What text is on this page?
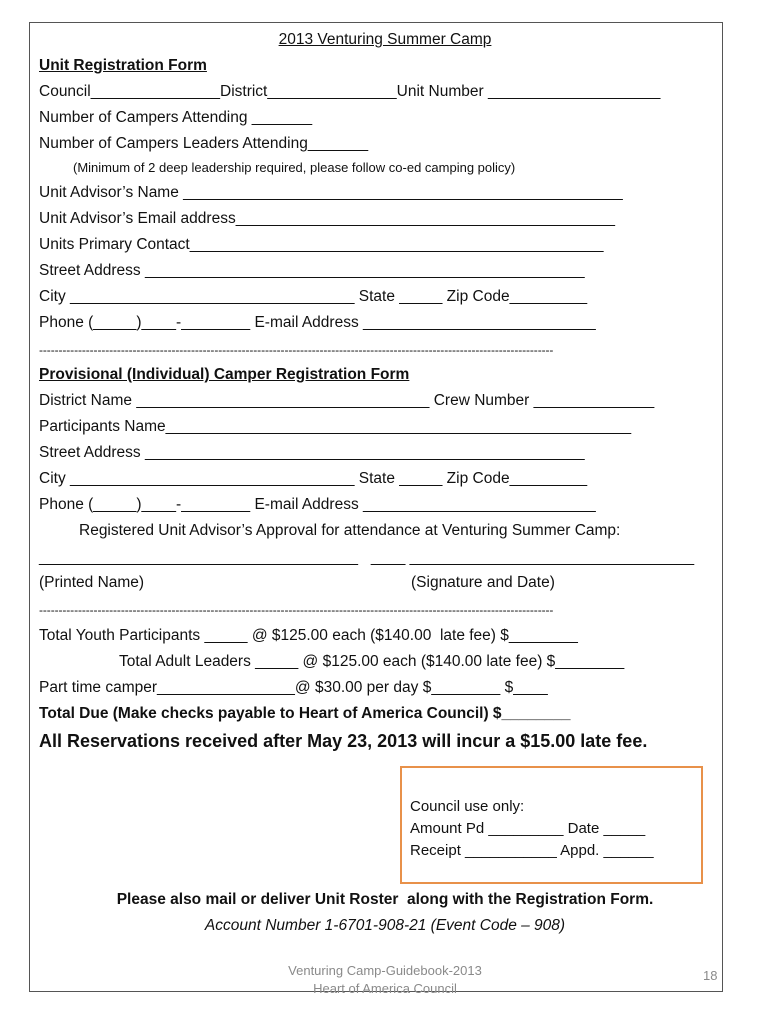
2013 Venturing Summer Camp
Unit Registration Form
Council_______________District_______________Unit Number ____________________
Number of Campers Attending _______
Number of Campers Leaders Attending_______
(Minimum of 2 deep leadership required, please follow co-ed camping policy)
Unit Advisor’s Name ___________________________________________________
Unit Advisor’s Email address____________________________________________
Units Primary Contact________________________________________________
Street Address ___________________________________________________
City _________________________________ State _____ Zip Code_________
Phone (_____)____-________ E-mail Address ___________________________
------------------------------------------------------------------------------------------------------------------------------------
Provisional (Individual) Camper Registration Form
District Name __________________________________ Crew Number ______________
Participants Name______________________________________________________
Street Address ___________________________________________________
City _________________________________ State _____ Zip Code_________
Phone (_____)____-________ E-mail Address ___________________________
Registered Unit Advisor’s Approval for attendance at Venturing Summer Camp:
_____________________________________   ____ _________________________________
(Printed Name)	(Signature and Date)
------------------------------------------------------------------------------------------------------------------------------------
Total Youth Participants _____ @ $125.00 each ($140.00  late fee) $________
Total Adult Leaders _____ @ $125.00 each ($140.00 late fee) $________
Part time camper________________@ $30.00 per day $________ $____
Total Due (Make checks payable to Heart of America Council) $________
All Reservations received after May 23, 2013 will incur a $15.00 late fee.
Council use only:
Amount Pd _________ Date _____
Receipt ___________ Appd. ______
Please also mail or deliver Unit Roster  along with the Registration Form.
Account Number 1-6701-908-21 (Event Code – 908)
Venturing Camp-Guidebook-2013
Heart of America Council
18
